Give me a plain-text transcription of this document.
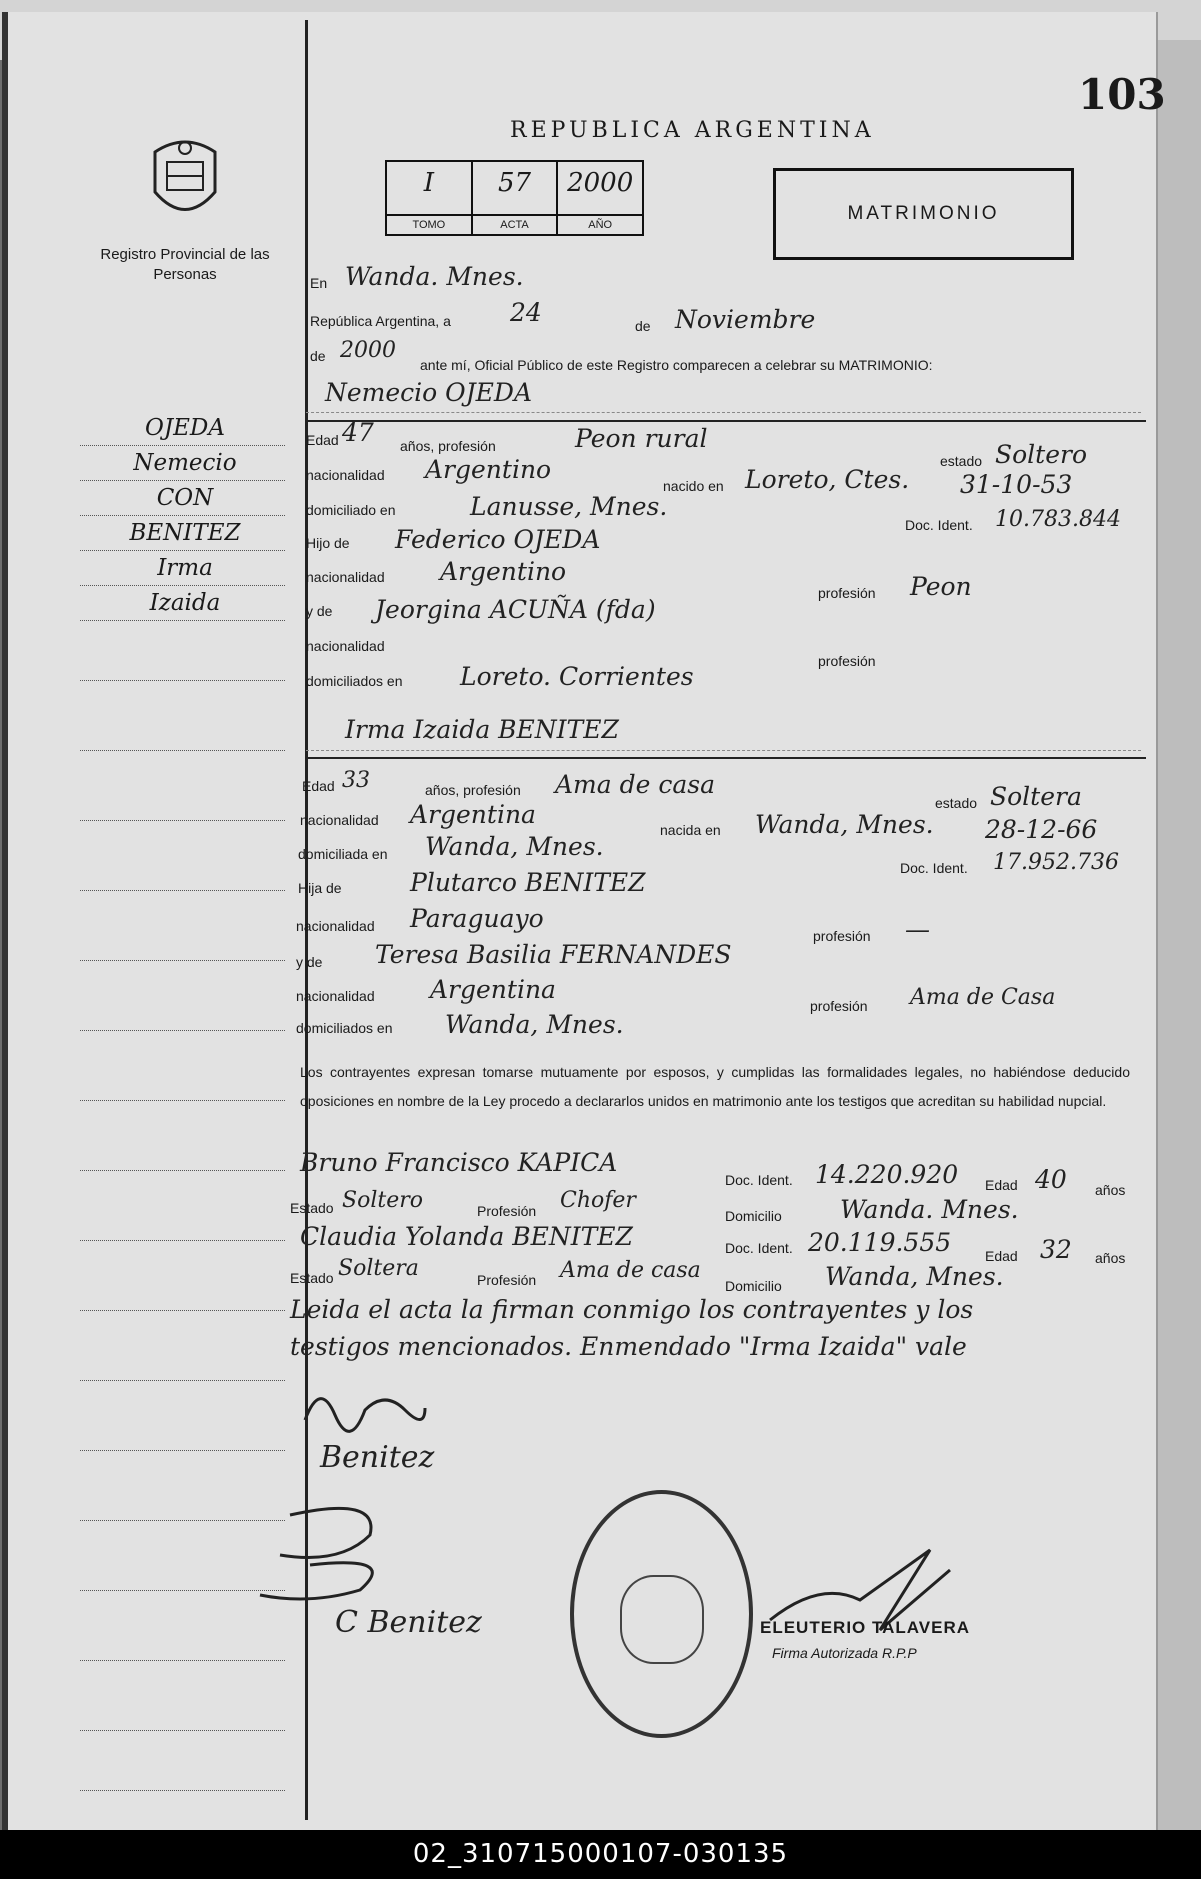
103
REPUBLICA ARGENTINA
Registro Provincial de las Personas
I
TOMO
57
ACTA
2000
AÑO
MATRIMONIO
OJEDA
Nemecio
CON
BENITEZ
Irma
Izaida
En Wanda. Mnes.
República Argentina, a 24	de Noviembre
de 2000
ante mí, Oficial Público de este Registro comparecen a celebrar su MATRIMONIO:
Nemecio OJEDA
Edad 47 años, profesión	Peon rural
estado Soltero
nacionalidad Argentino
nacido en Loreto, Ctes. 31-10-53
domiciliado en	Lanusse, Mnes.
Doc. Ident. 10.783.844
Hijo de Federico OJEDA
nacionalidad Argentino
profesión Peon
y de Jeorgina ACUÑA (fda)
nacionalidad
profesión
domiciliados en Loreto. Corrientes
Irma Izaida BENITEZ
Edad 33	años, profesión Ama de casa
estado Soltera
nacionalidad Argentina
nacida en Wanda, Mnes. 28-12-66
domiciliada en Wanda, Mnes.
Doc. Ident. 17.952.736
Hija de	Plutarco BENITEZ
nacionalidad Paraguayo
profesión —
y de Teresa Basilia FERNANDES
nacionalidad Argentina
profesión Ama de Casa
domiciliados en Wanda, Mnes.
Los contrayentes expresan tomarse mutuamente por esposos, y cumplidas las formalidades legales, no habiéndose deducido oposiciones en nombre de la Ley procedo a declararlos unidos en matrimonio ante los testigos que acreditan su habilidad nupcial.
Bruno Francisco KAPICA
Doc. Ident. 14.220.920 Edad 40 años
Estado Soltero	Profesión Chofer
Domicilio Wanda. Mnes.
Claudia Yolanda BENITEZ	Doc. Ident. 20.119.555 Edad 32 años
Estado Soltera	Profesión Ama de casa
Domicilio Wanda, Mnes.
Leida el acta la firman conmigo los contrayentes y los
testigos mencionados. Enmendado "Irma Izaida" vale
Benitez
C Benitez	ELEUTERIO TALAVERA
Firma Autorizada R.P.P
02_310715000107-030135
